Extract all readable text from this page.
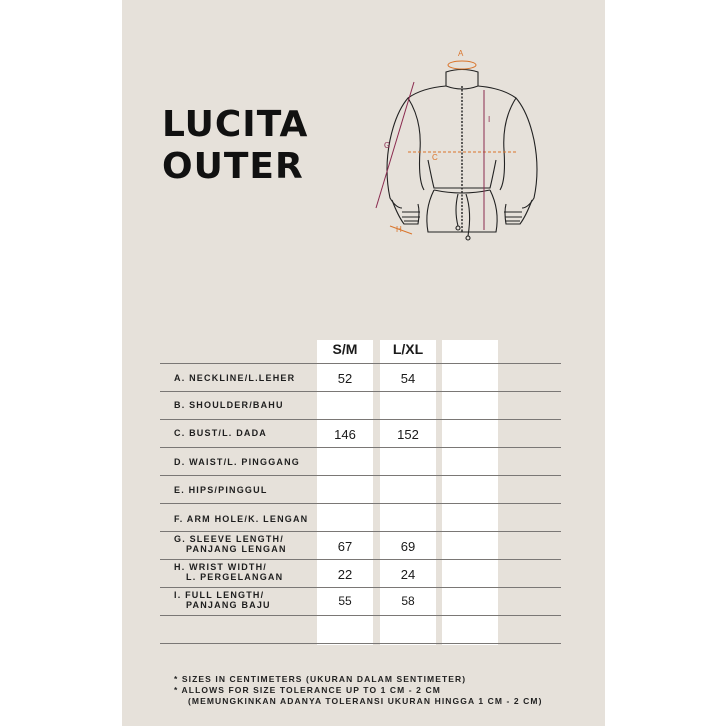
LUCITA
OUTER
A
C
I
G
H
S/M	L/XL
A. NECKLINE/L.LEHER	52	54
B. SHOULDER/BAHU
C. BUST/L. DADA	146	152
D. WAIST/L. PINGGANG
E. HIPS/PINGGUL
F. ARM HOLE/K. LENGAN
G. SLEEVE LENGTH/
PANJANG LENGAN	67	69
H. WRIST WIDTH/
L. PERGELANGAN	22	24
I. FULL LENGTH/
PANJANG BAJU	55	58
* SIZES IN CENTIMETERS (UKURAN DALAM SENTIMETER)
* ALLOWS FOR SIZE TOLERANCE UP TO 1 CM - 2 CM
(MEMUNGKINKAN ADANYA TOLERANSI UKURAN HINGGA 1 CM - 2 CM)
